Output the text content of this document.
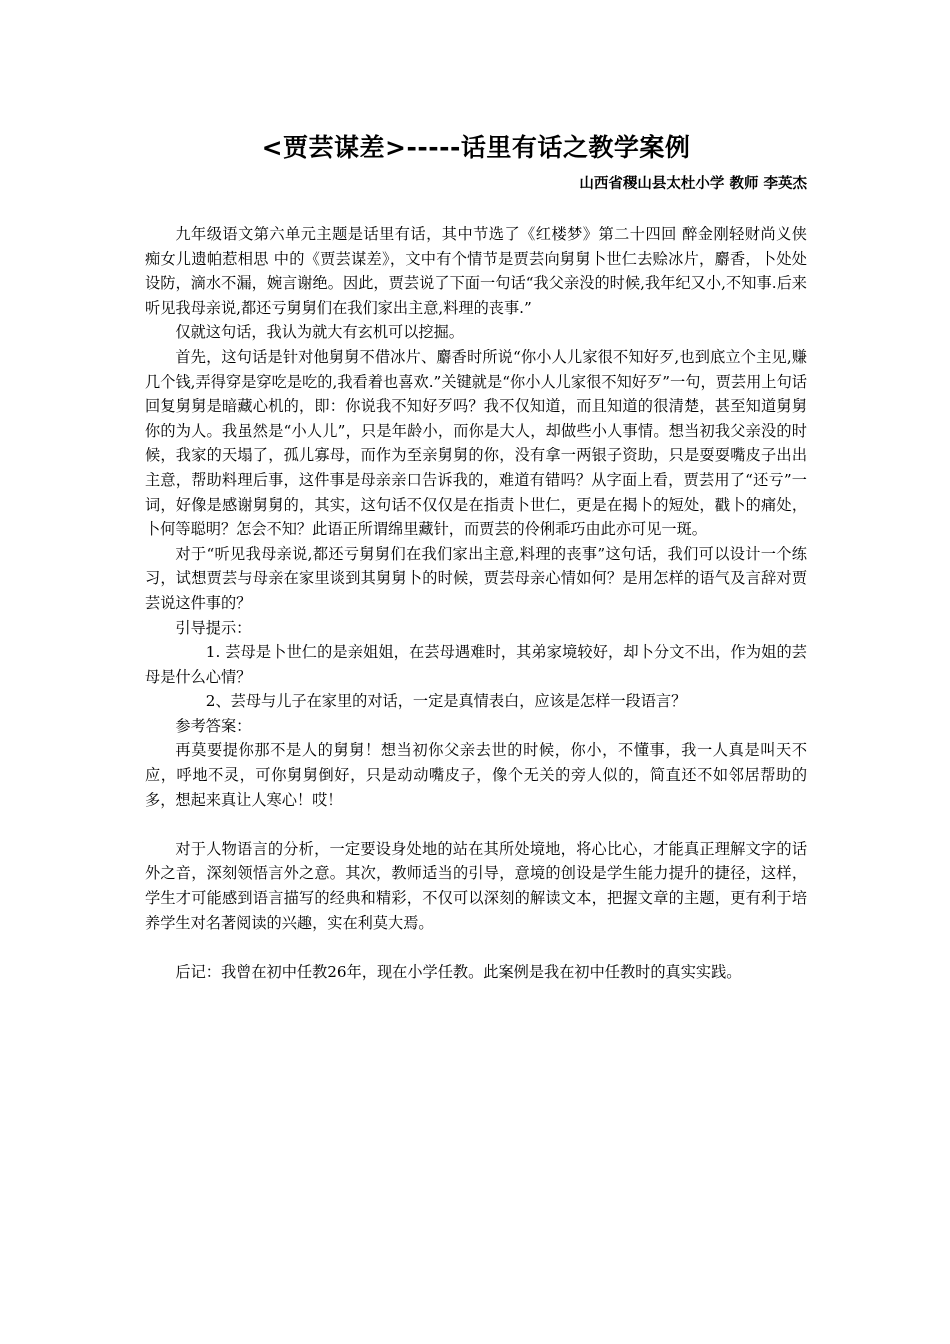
<贾芸谋差>-----话里有话之教学案例
山西省稷山县太杜小学 教师 李英杰

九年级语文第六单元主题是话里有话，其中节选了《红楼梦》第二十四回 醉金刚轻财尚义侠 痴女儿遗帕惹相思 中的《贾芸谋差》，文中有个情节是贾芸向舅舅卜世仁去赊冰片，麝香，卜处处设防，滴水不漏，婉言谢绝。因此，贾芸说了下面一句话“我父亲没的时候,我年纪又小,不知事.后来听见我母亲说,都还亏舅舅们在我们家出主意,料理的丧事.”

仅就这句话，我认为就大有玄机可以挖掘。

首先，这句话是针对他舅舅不借冰片、麝香时所说“你小人儿家很不知好歹,也到底立个主见,赚几个钱,弄得穿是穿吃是吃的,我看着也喜欢.”关键就是“你小人儿家很不知好歹”一句，贾芸用上句话回复舅舅是暗藏心机的，即：你说我不知好歹吗？我不仅知道，而且知道的很清楚，甚至知道舅舅你的为人。我虽然是“小人儿”，只是年龄小，而你是大人，却做些小人事情。想当初我父亲没的时候，我家的天塌了，孤儿寡母，而作为至亲舅舅的你，没有拿一两银子资助，只是耍耍嘴皮子出出主意，帮助料理后事，这件事是母亲亲口告诉我的，难道有错吗？从字面上看，贾芸用了“还亏”一词，好像是感谢舅舅的，其实，这句话不仅仅是在指责卜世仁，更是在揭卜的短处，戳卜的痛处，卜何等聪明？怎会不知？此语正所谓绵里藏针，而贾芸的伶俐乖巧由此亦可见一斑。

对于“听见我母亲说,都还亏舅舅们在我们家出主意,料理的丧事”这句话，我们可以设计一个练习，试想贾芸与母亲在家里谈到其舅舅卜的时候，贾芸母亲心情如何？是用怎样的语气及言辞对贾芸说这件事的？

引导提示：

1. 芸母是卜世仁的是亲姐姐，在芸母遇难时，其弟家境较好，却卜分文不出，作为姐的芸母是什么心情？

2、芸母与儿子在家里的对话，一定是真情表白，应该是怎样一段语言？

参考答案：

再莫要提你那不是人的舅舅！想当初你父亲去世的时候，你小，不懂事，我一人真是叫天不应，呼地不灵，可你舅舅倒好，只是动动嘴皮子，像个无关的旁人似的，简直还不如邻居帮助的多，想起来真让人寒心！哎！

对于人物语言的分析，一定要设身处地的站在其所处境地，将心比心，才能真正理解文字的话外之音，深刻领悟言外之意。其次，教师适当的引导，意境的创设是学生能力提升的捷径，这样，学生才可能感到语言描写的经典和精彩，不仅可以深刻的解读文本，把握文章的主题，更有利于培养学生对名著阅读的兴趣，实在利莫大焉。

后记：我曾在初中任教26年，现在小学任教。此案例是我在初中任教时的真实实践。
